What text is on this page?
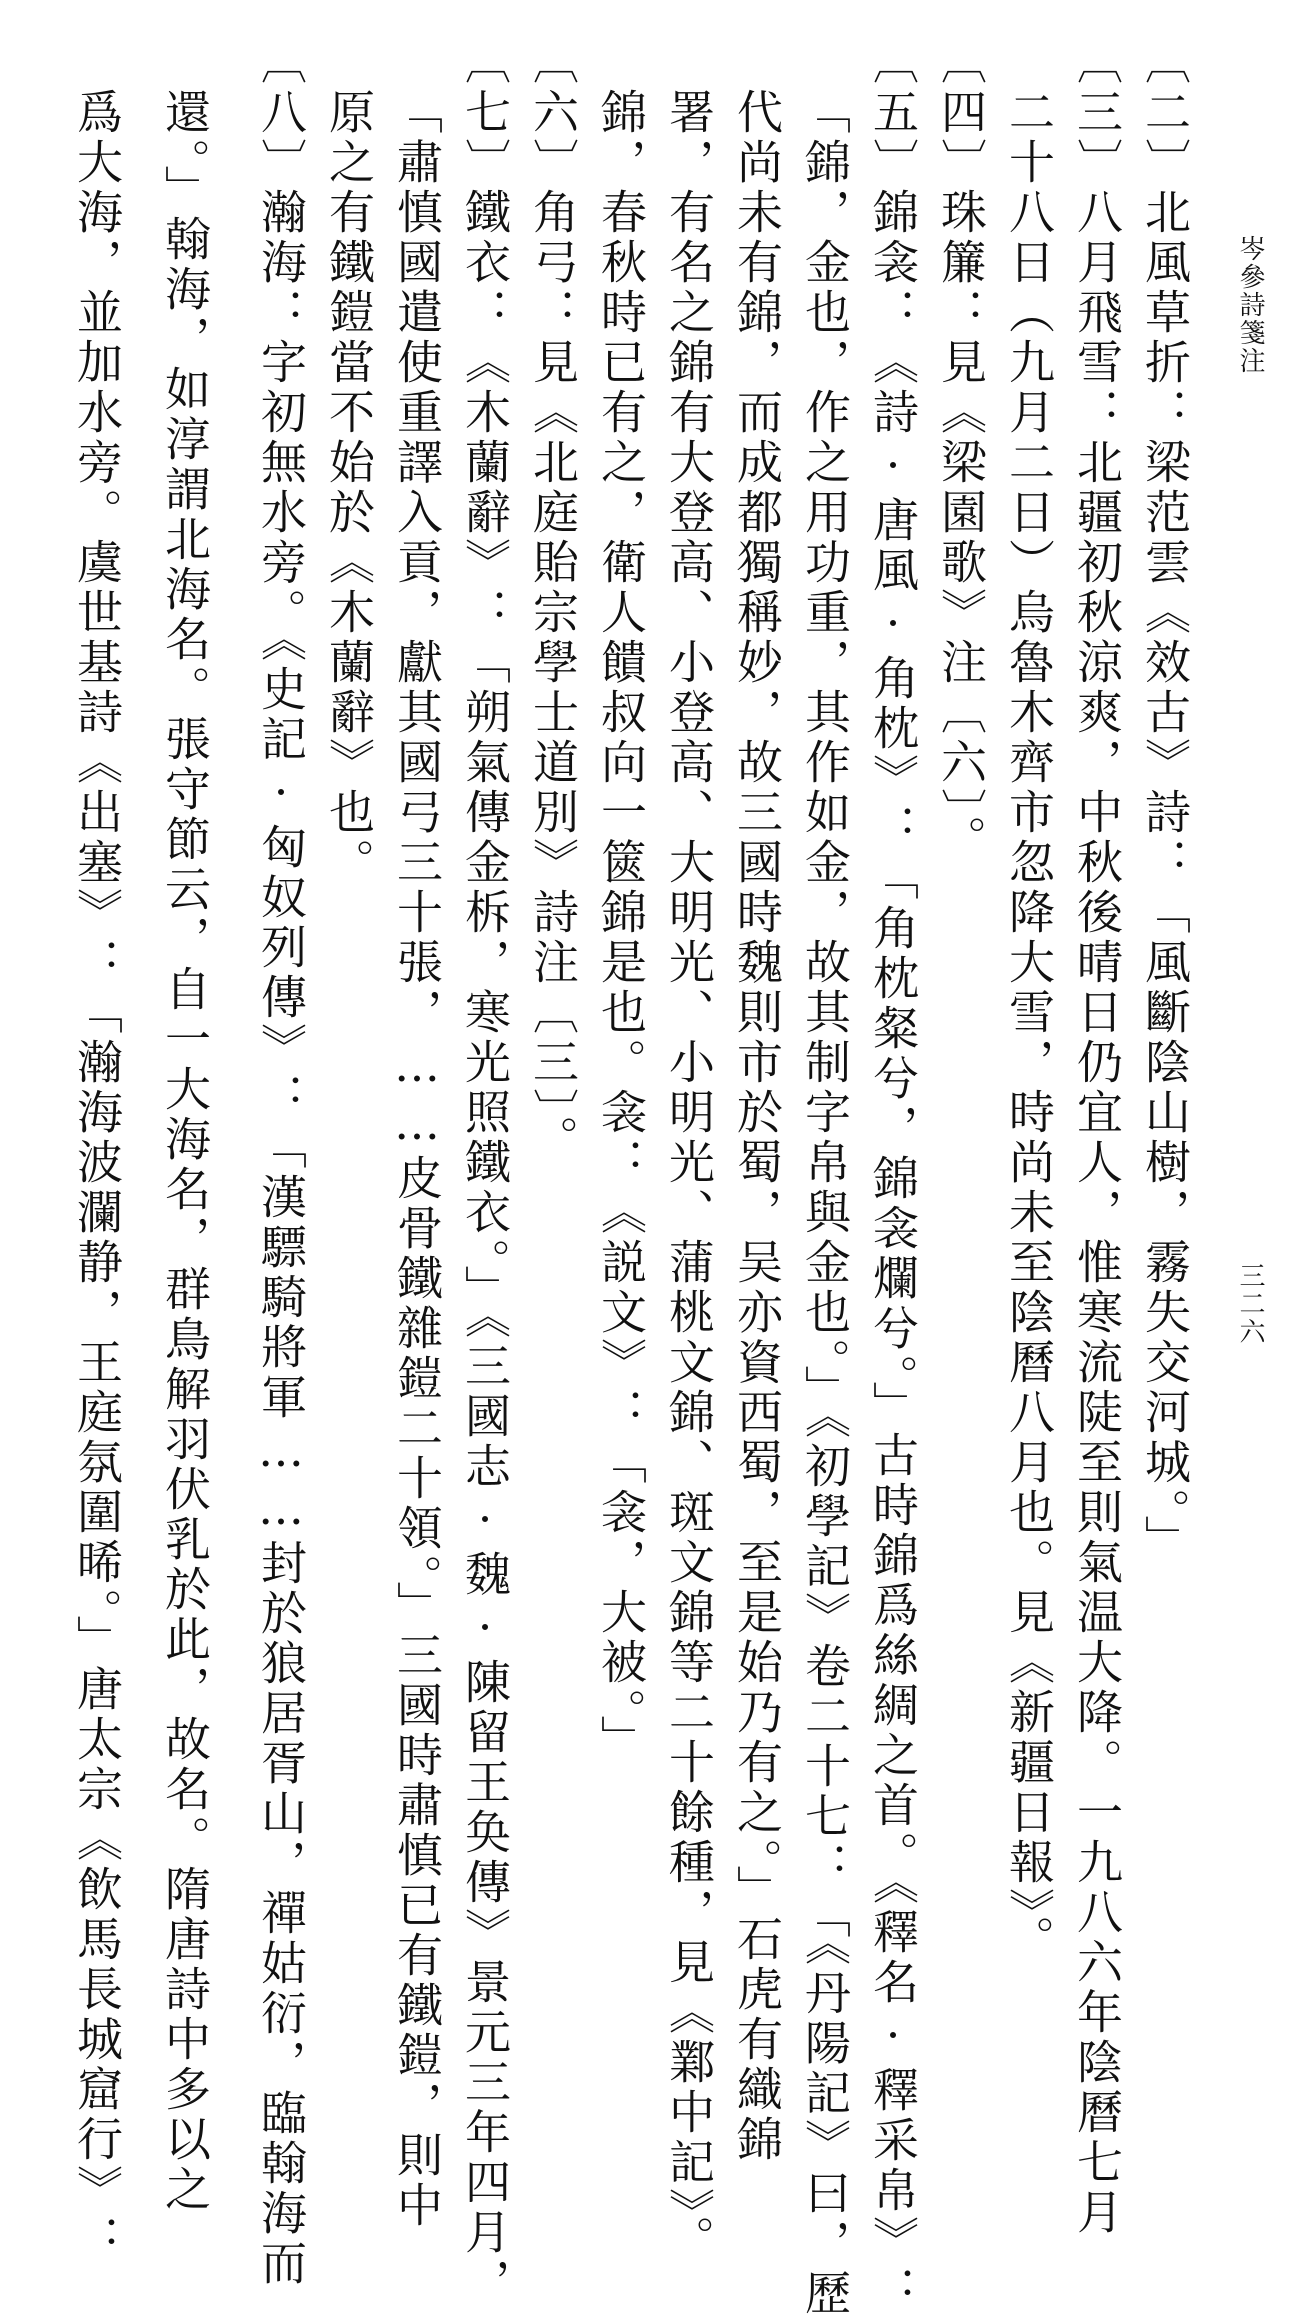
岑參詩箋注
三二六
〔二〕北風草折：梁范雲《效古》詩：「風斷陰山樹，霧失交河城。」
〔三〕八月飛雪：北疆初秋涼爽，中秋後晴日仍宜人，惟寒流陡至則氣温大降。一九八六年陰曆七月
二十八日（九月二日）烏魯木齊市忽降大雪，時尚未至陰曆八月也。見《新疆日報》。
〔四〕珠簾：見《梁園歌》注〔六〕。
〔五〕錦衾：《詩·唐風·角枕》：「角枕粲兮，錦衾爛兮。」古時錦爲絲綢之首。《釋名·釋采帛》：
「錦，金也，作之用功重，其作如金，故其制字帛與金也。」《初學記》卷二十七：「《丹陽記》曰，歷
代尚未有錦，而成都獨稱妙，故三國時魏則市於蜀，吴亦資西蜀，至是始乃有之。」石虎有織錦
署，有名之錦有大登高、小登高、大明光、小明光、蒲桃文錦、斑文錦等二十餘種，見《鄴中記》。
錦，春秋時已有之，衛人饋叔向一篋錦是也。衾：《説文》：「衾，大被。」
〔六〕角弓：見《北庭貽宗學士道別》詩注〔三〕。
〔七〕鐵衣：《木蘭辭》：「朔氣傳金柝，寒光照鐵衣。」《三國志·魏·陳留王奂傳》景元三年四月，
「肅慎國遣使重譯入貢，獻其國弓三十張，……皮骨鐵雜鎧二十領。」三國時肅慎已有鐵鎧，則中
原之有鐵鎧當不始於《木蘭辭》也。
〔八〕瀚海：字初無水旁。《史記·匈奴列傳》：「漢驃騎將軍……封於狼居胥山，禪姑衍，臨翰海而
還。」翰海，如淳謂北海名。張守節云，自一大海名，群鳥解羽伏乳於此，故名。隋唐詩中多以之
爲大海，並加水旁。虞世基詩《出塞》：「瀚海波瀾静，王庭氛圍晞。」唐太宗《飲馬長城窟行》：
